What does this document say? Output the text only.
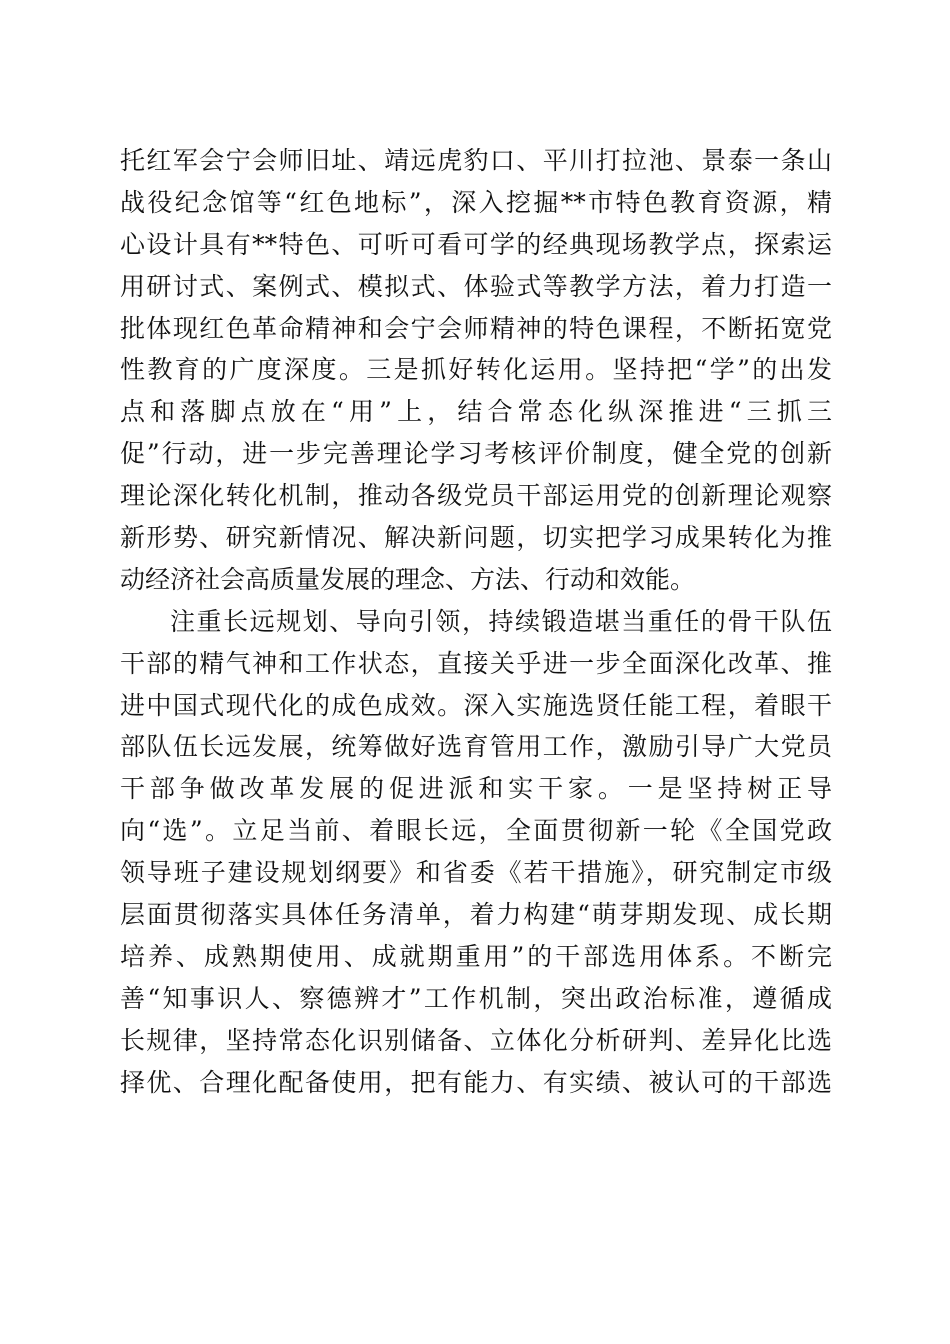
托红军会宁会师旧址、靖远虎豹口、平川打拉池、景泰一条山
战役纪念馆等“红色地标”，深入挖掘**市特色教育资源，精
心设计具有**特色、可听可看可学的经典现场教学点，探索运
用研讨式、案例式、模拟式、体验式等教学方法，着力打造一
批体现红色革命精神和会宁会师精神的特色课程，不断拓宽党
性教育的广度深度。三是抓好转化运用。坚持把“学”的出发
点和落脚点放在“用”上，结合常态化纵深推进“三抓三
促”行动，进一步完善理论学习考核评价制度，健全党的创新
理论深化转化机制，推动各级党员干部运用党的创新理论观察
新形势、研究新情况、解决新问题，切实把学习成果转化为推
动经济社会高质量发展的理念、方法、行动和效能。
注重长远规划、导向引领，持续锻造堪当重任的骨干队伍
干部的精气神和工作状态，直接关乎进一步全面深化改革、推
进中国式现代化的成色成效。深入实施选贤任能工程，着眼干
部队伍长远发展，统筹做好选育管用工作，激励引导广大党员
干部争做改革发展的促进派和实干家。一是坚持树正导
向“选”。立足当前、着眼长远，全面贯彻新一轮《全国党政
领导班子建设规划纲要》和省委《若干措施》，研究制定市级
层面贯彻落实具体任务清单，着力构建“萌芽期发现、成长期
培养、成熟期使用、成就期重用”的干部选用体系。不断完
善“知事识人、察德辨才”工作机制，突出政治标准，遵循成
长规律，坚持常态化识别储备、立体化分析研判、差异化比选
择优、合理化配备使用，把有能力、有实绩、被认可的干部选
